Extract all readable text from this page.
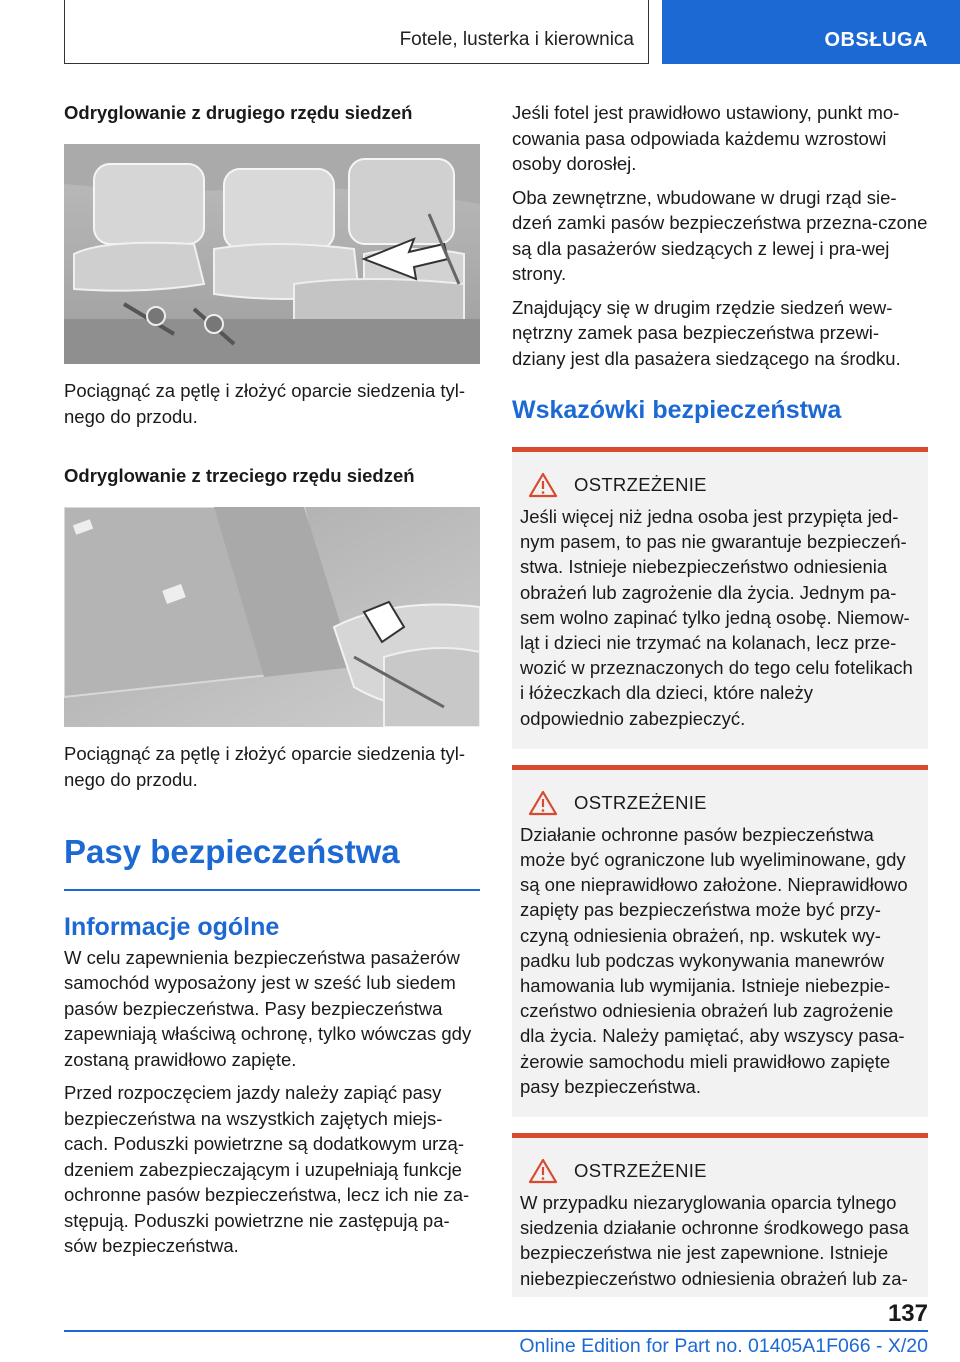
Fotele, lusterka i kierownica	OBSŁUGA
Odryglowanie z drugiego rzędu siedzeń

Pociągnąć za pętlę i złożyć oparcie siedzenia tyl-nego do przodu.

Odryglowanie z trzeciego rzędu siedzeń

Pociągnąć za pętlę i złożyć oparcie siedzenia tyl-nego do przodu.

Pasy bezpieczeństwa
Informacje ogólne

W celu zapewnienia bezpieczeństwa pasażerów samochód wyposażony jest w sześć lub siedem pasów bezpieczeństwa. Pasy bezpieczeństwa zapewniają właściwą ochronę, tylko wówczas gdy zostaną prawidłowo zapięte.

Przed rozpoczęciem jazdy należy zapiąć pasy bezpieczeństwa na wszystkich zajętych miejs-cach. Poduszki powietrzne są dodatkowym urzą-dzeniem zabezpieczającym i uzupełniają funkcje ochronne pasów bezpieczeństwa, lecz ich nie za-stępują. Poduszki powietrzne nie zastępują pa-sów bezpieczeństwa.

Jeśli fotel jest prawidłowo ustawiony, punkt mo-cowania pasa odpowiada każdemu wzrostowi osoby dorosłej.

Oba zewnętrzne, wbudowane w drugi rząd sie-dzeń zamki pasów bezpieczeństwa przezna-czone są dla pasażerów siedzących z lewej i pra-wej strony.

Znajdujący się w drugim rzędzie siedzeń wew-nętrzny zamek pasa bezpieczeństwa przewi-dziany jest dla pasażera siedzącego na środku.

Wskazówki bezpieczeństwa
OSTRZEŻENIE

Jeśli więcej niż jedna osoba jest przypięta jed-nym pasem, to pas nie gwarantuje bezpieczeń-stwa. Istnieje niebezpieczeństwo odniesienia obrażeń lub zagrożenie dla życia. Jednym pa-sem wolno zapinać tylko jedną osobę. Niemow-ląt i dzieci nie trzymać na kolanach, lecz prze-wozić w przeznaczonych do tego celu fotelikach i łóżeczkach dla dzieci, które należy odpowiednio zabezpieczyć.

OSTRZEŻENIE

Działanie ochronne pasów bezpieczeństwa może być ograniczone lub wyeliminowane, gdy są one nieprawidłowo założone. Nieprawidłowo zapięty pas bezpieczeństwa może być przy-czyną odniesienia obrażeń, np. wskutek wy-padku lub podczas wykonywania manewrów hamowania lub wymijania. Istnieje niebezpie-czeństwo odniesienia obrażeń lub zagrożenie dla życia. Należy pamiętać, aby wszyscy pasa-żerowie samochodu mieli prawidłowo zapięte pasy bezpieczeństwa.

OSTRZEŻENIE

W przypadku niezaryglowania oparcia tylnego siedzenia działanie ochronne środkowego pasa bezpieczeństwa nie jest zapewnione. Istnieje niebezpieczeństwo odniesienia obrażeń lub za-

137
Online Edition for Part no. 01405A1F066 - X/20
